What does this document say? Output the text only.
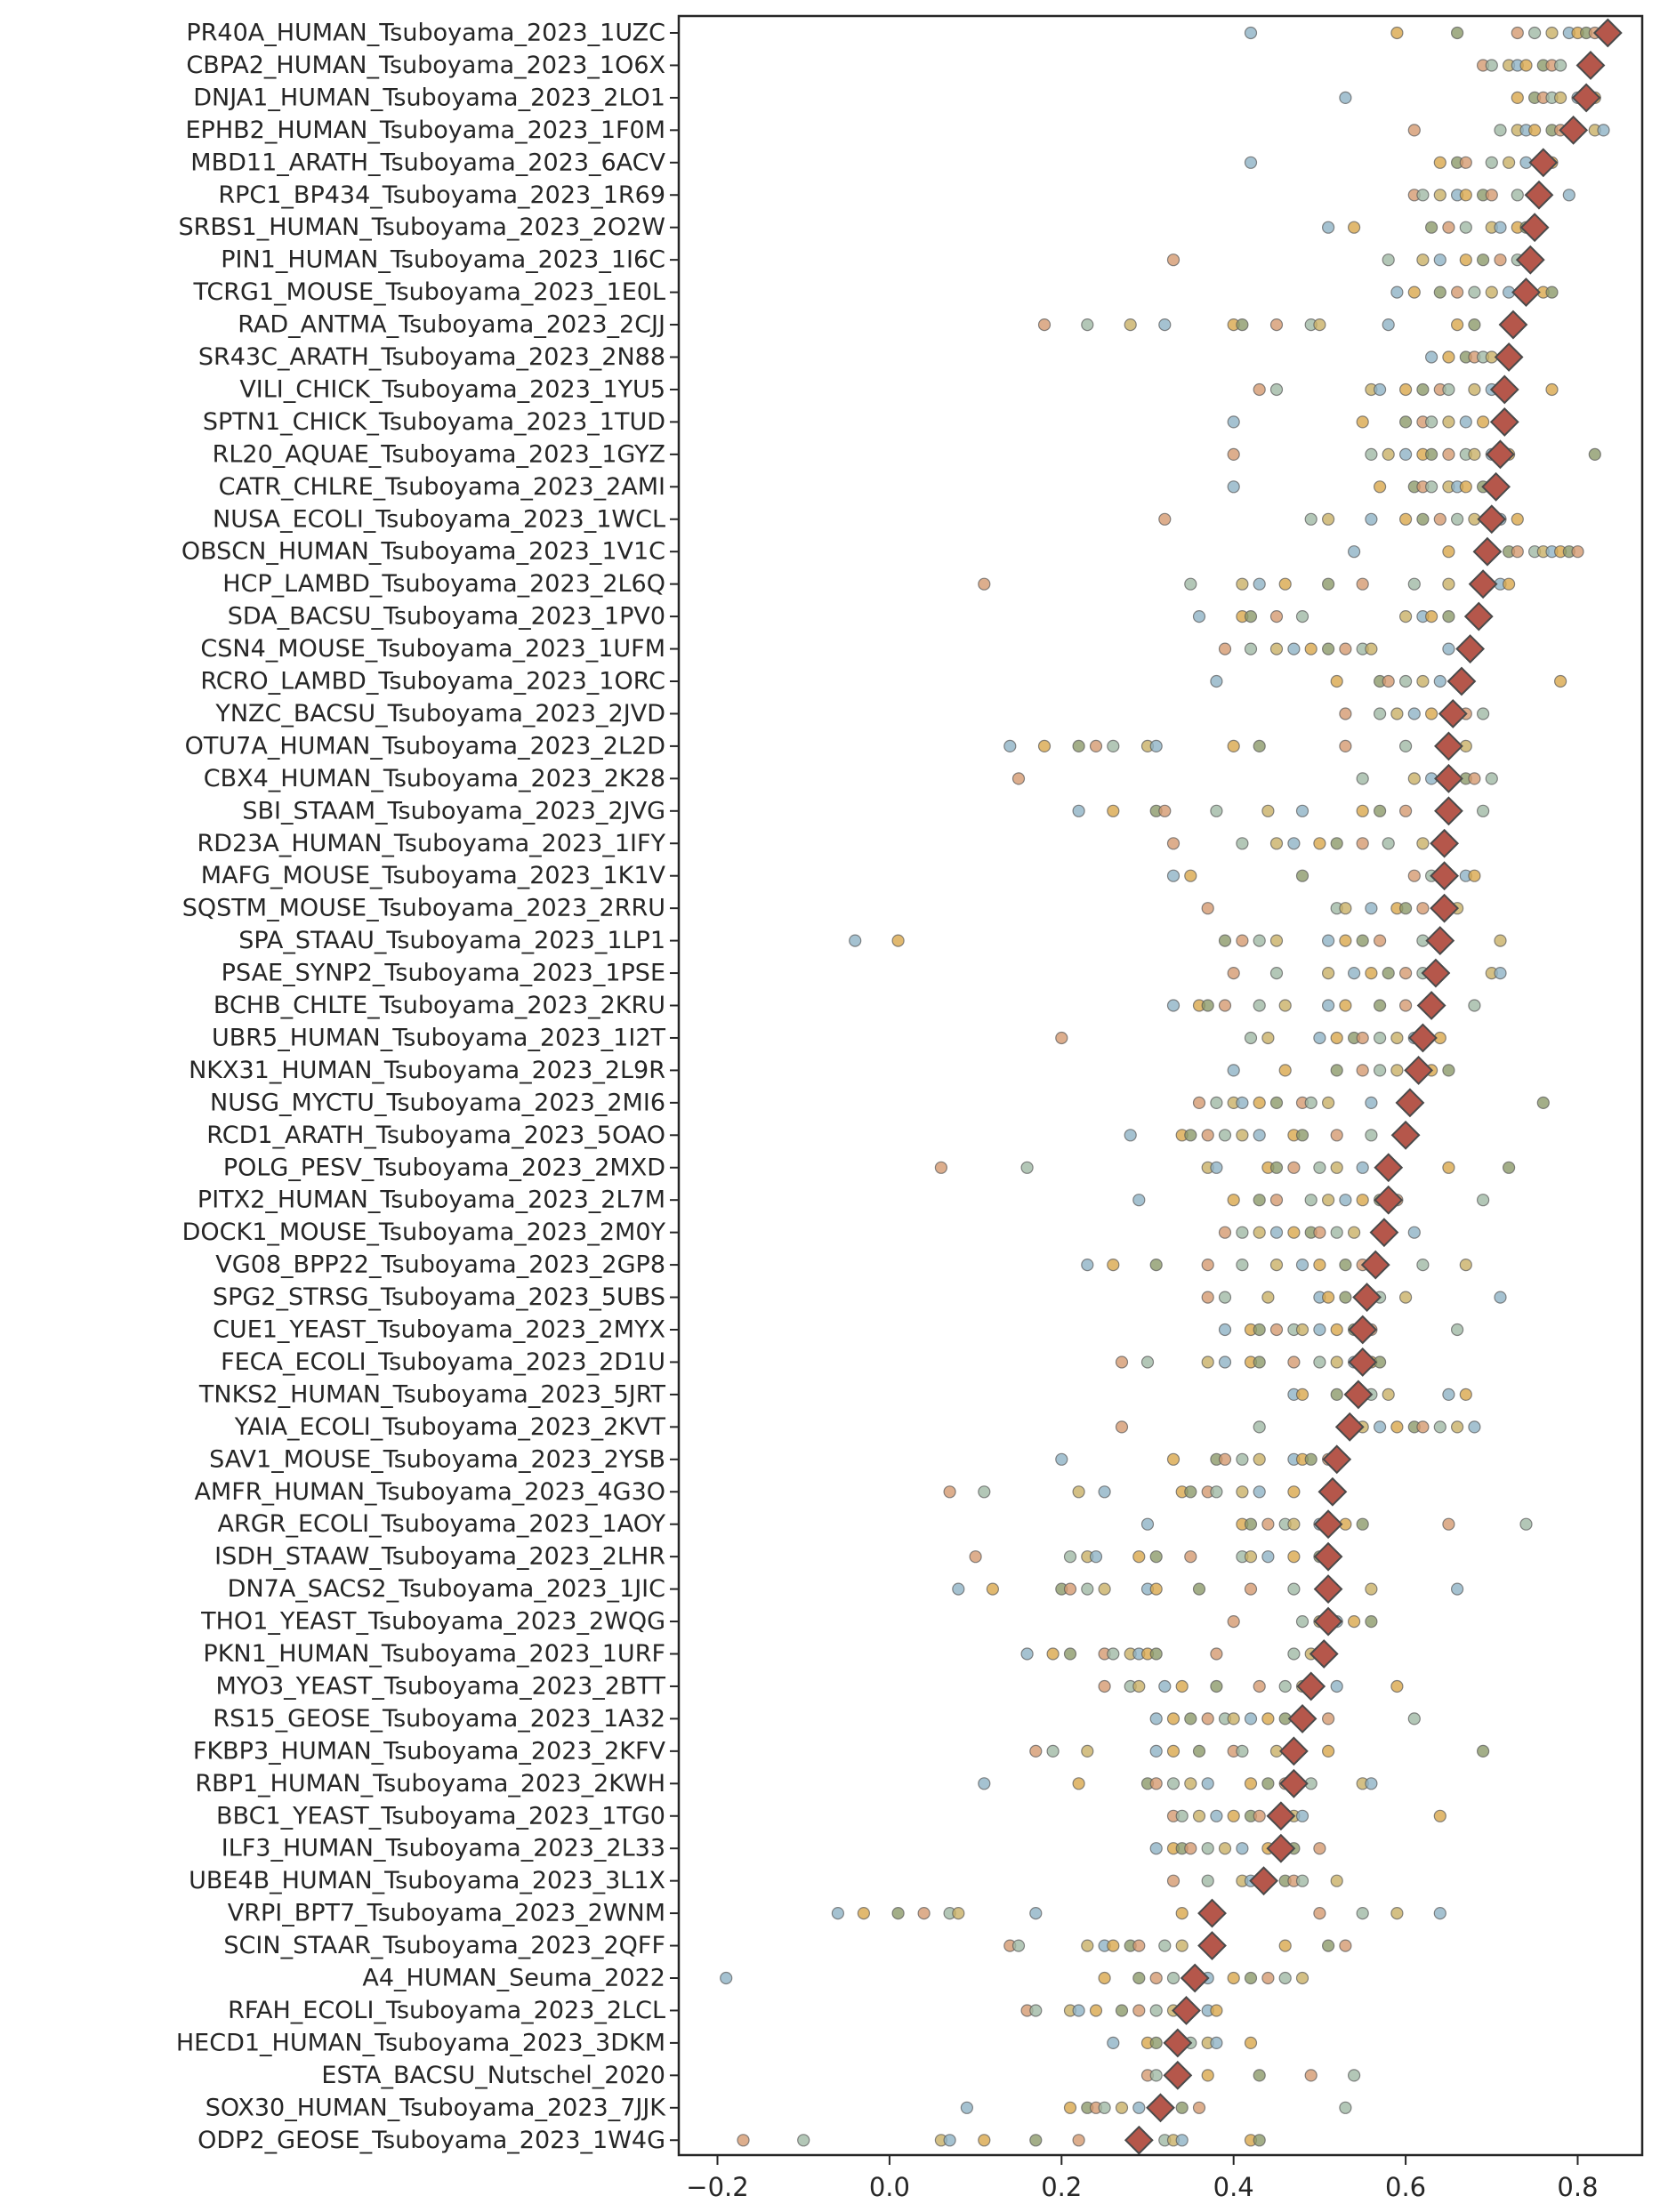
PR40A_HUMAN_Tsuboyama_2023_1UZC
CBPA2_HUMAN_Tsuboyama_2023_1O6X
DNJA1_HUMAN_Tsuboyama_2023_2LO1
EPHB2_HUMAN_Tsuboyama_2023_1F0M
MBD11_ARATH_Tsuboyama_2023_6ACV
RPC1_BP434_Tsuboyama_2023_1R69
SRBS1_HUMAN_Tsuboyama_2023_2O2W
PIN1_HUMAN_Tsuboyama_2023_1I6C
TCRG1_MOUSE_Tsuboyama_2023_1E0L
RAD_ANTMA_Tsuboyama_2023_2CJJ
SR43C_ARATH_Tsuboyama_2023_2N88
VILI_CHICK_Tsuboyama_2023_1YU5
SPTN1_CHICK_Tsuboyama_2023_1TUD
RL20_AQUAE_Tsuboyama_2023_1GYZ
CATR_CHLRE_Tsuboyama_2023_2AMI
NUSA_ECOLI_Tsuboyama_2023_1WCL
OBSCN_HUMAN_Tsuboyama_2023_1V1C
HCP_LAMBD_Tsuboyama_2023_2L6Q
SDA_BACSU_Tsuboyama_2023_1PV0
CSN4_MOUSE_Tsuboyama_2023_1UFM
RCRO_LAMBD_Tsuboyama_2023_1ORC
YNZC_BACSU_Tsuboyama_2023_2JVD
OTU7A_HUMAN_Tsuboyama_2023_2L2D
CBX4_HUMAN_Tsuboyama_2023_2K28
SBI_STAAM_Tsuboyama_2023_2JVG
RD23A_HUMAN_Tsuboyama_2023_1IFY
MAFG_MOUSE_Tsuboyama_2023_1K1V
SQSTM_MOUSE_Tsuboyama_2023_2RRU
SPA_STAAU_Tsuboyama_2023_1LP1
PSAE_SYNP2_Tsuboyama_2023_1PSE
BCHB_CHLTE_Tsuboyama_2023_2KRU
UBR5_HUMAN_Tsuboyama_2023_1I2T
NKX31_HUMAN_Tsuboyama_2023_2L9R
NUSG_MYCTU_Tsuboyama_2023_2MI6
RCD1_ARATH_Tsuboyama_2023_5OAO
POLG_PESV_Tsuboyama_2023_2MXD
PITX2_HUMAN_Tsuboyama_2023_2L7M
DOCK1_MOUSE_Tsuboyama_2023_2M0Y
VG08_BPP22_Tsuboyama_2023_2GP8
SPG2_STRSG_Tsuboyama_2023_5UBS
CUE1_YEAST_Tsuboyama_2023_2MYX
FECA_ECOLI_Tsuboyama_2023_2D1U
TNKS2_HUMAN_Tsuboyama_2023_5JRT
YAIA_ECOLI_Tsuboyama_2023_2KVT
SAV1_MOUSE_Tsuboyama_2023_2YSB
AMFR_HUMAN_Tsuboyama_2023_4G3O
ARGR_ECOLI_Tsuboyama_2023_1AOY
ISDH_STAAW_Tsuboyama_2023_2LHR
DN7A_SACS2_Tsuboyama_2023_1JIC
THO1_YEAST_Tsuboyama_2023_2WQG
PKN1_HUMAN_Tsuboyama_2023_1URF
MYO3_YEAST_Tsuboyama_2023_2BTT
RS15_GEOSE_Tsuboyama_2023_1A32
FKBP3_HUMAN_Tsuboyama_2023_2KFV
RBP1_HUMAN_Tsuboyama_2023_2KWH
BBC1_YEAST_Tsuboyama_2023_1TG0
ILF3_HUMAN_Tsuboyama_2023_2L33
UBE4B_HUMAN_Tsuboyama_2023_3L1X
VRPI_BPT7_Tsuboyama_2023_2WNM
SCIN_STAAR_Tsuboyama_2023_2QFF
A4_HUMAN_Seuma_2022
RFAH_ECOLI_Tsuboyama_2023_2LCL
HECD1_HUMAN_Tsuboyama_2023_3DKM
ESTA_BACSU_Nutschel_2020
SOX30_HUMAN_Tsuboyama_2023_7JJK
ODP2_GEOSE_Tsuboyama_2023_1W4G
−0.2	0.0	0.2	0.4	0.6	0.8
